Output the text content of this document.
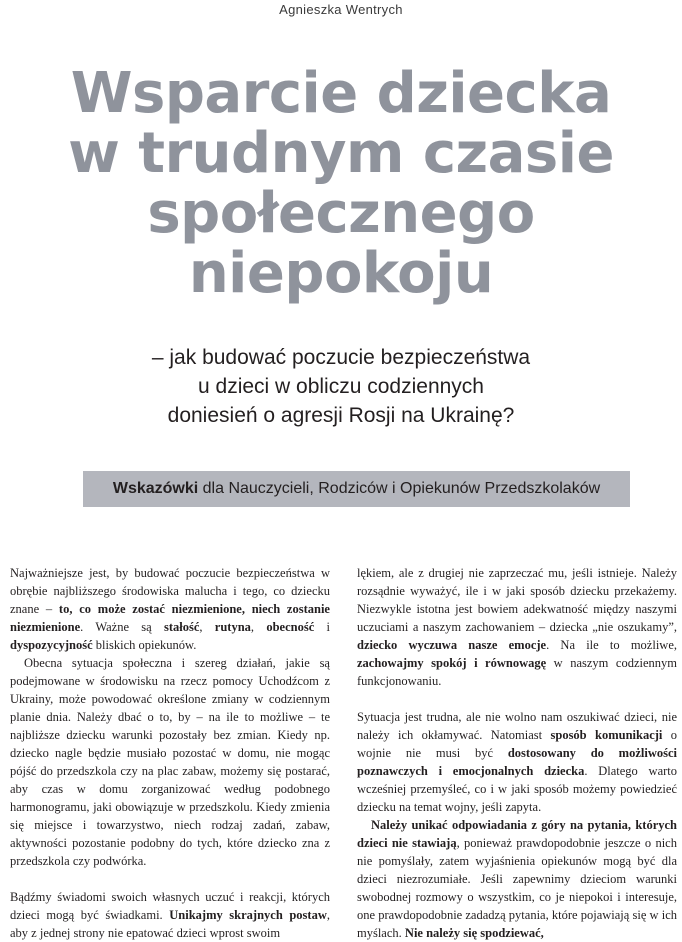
Agnieszka Wentrych
Wsparcie dziecka
w trudnym czasie
społecznego
niepokoju
– jak budować poczucie bezpieczeństwa
u dzieci w obliczu codziennych
doniesień o agresji Rosji na Ukrainę?
Wskazówki dla Nauczycieli, Rodziców i Opiekunów Przedszkolaków

Najważniejsze jest, by budować poczucie bezpieczeństwa w obrębie najbliższego środowiska malucha i tego, co dziecku znane – to, co może zostać niezmienione, niech zostanie niezmienione. Ważne są stałość, rutyna, obecność i dyspozycyjność bliskich opiekunów.

Obecna sytuacja społeczna i szereg działań, jakie są podejmowane w środowisku na rzecz pomocy Uchodźcom z Ukrainy, może powodować określone zmiany w codziennym planie dnia. Należy dbać o to, by – na ile to możliwe – te najbliższe dziecku warunki pozostały bez zmian. Kiedy np. dziecko nagle będzie musiało pozostać w domu, nie mogąc pójść do przedszkola czy na plac zabaw, możemy się postarać, aby czas w domu zorganizować według podobnego harmonogramu, jaki obowiązuje w przedszkolu. Kiedy zmienia się miejsce i towarzystwo, niech rodzaj zadań, zabaw, aktywności pozostanie podobny do tych, które dziecko zna z przedszkola czy podwórka.

Bądźmy świadomi swoich własnych uczuć i reakcji, których dzieci mogą być świadkami. Unikajmy skrajnych postaw, aby z jednej strony nie epatować dzieci wprost swoim

lękiem, ale z drugiej nie zaprzeczać mu, jeśli istnieje. Należy rozsądnie wyważyć, ile i w jaki sposób dziecku przekażemy. Niezwykle istotna jest bowiem adekwatność między naszymi uczuciami a naszym zachowaniem – dziecka „nie oszukamy”, dziecko wyczuwa nasze emocje. Na ile to możliwe, zachowajmy spokój i równowagę w naszym codziennym funkcjonowaniu.

Sytuacja jest trudna, ale nie wolno nam oszukiwać dzieci, nie należy ich okłamywać. Natomiast sposób komunikacji o wojnie nie musi być dostosowany do możliwości poznawczych i emocjonalnych dziecka. Dlatego warto wcześniej przemyśleć, co i w jaki sposób możemy powiedzieć dziecku na temat wojny, jeśli zapyta.

Należy unikać odpowiadania z góry na pytania, których dzieci nie stawiają, ponieważ prawdopodobnie jeszcze o nich nie pomyślały, zatem wyjaśnienia opiekunów mogą być dla dzieci niezrozumiałe. Jeśli zapewnimy dzieciom warunki swobodnej rozmowy o wszystkim, co je niepokoi i interesuje, one prawdopodobnie zadadzą pytania, które pojawiają się w ich myślach. Nie należy się spodziewać,
